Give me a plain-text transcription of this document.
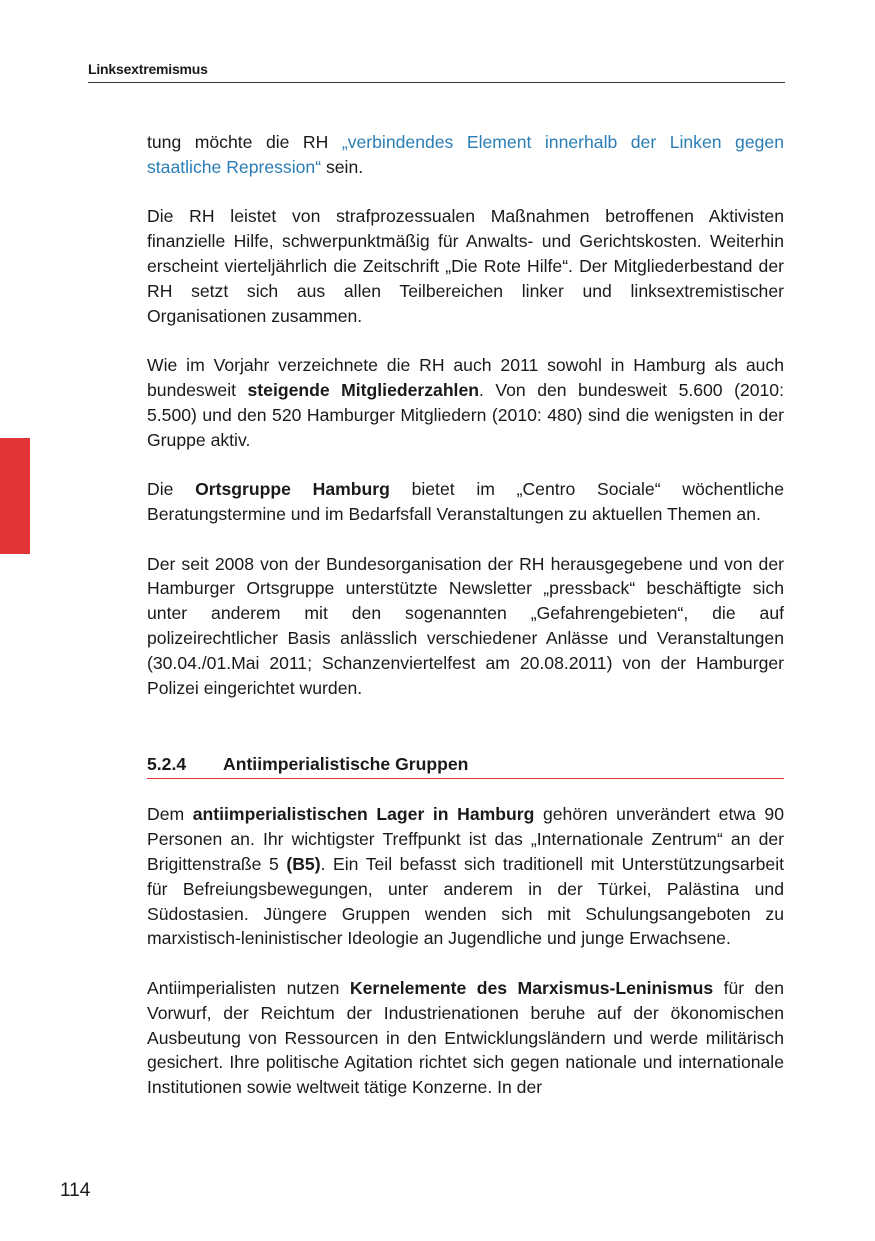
Linksextremismus

tung möchte die RH „verbindendes Element innerhalb der Linken gegen staatliche Repression“ sein.

Die RH leistet von strafprozessualen Maßnahmen betroffenen Aktivisten finanzielle Hilfe, schwerpunktmäßig für Anwalts- und Gerichtskosten. Weiterhin erscheint vierteljährlich die Zeitschrift „Die Rote Hilfe“. Der Mitgliederbestand der RH setzt sich aus allen Teilbereichen linker und linksextremistischer Organisationen zusammen.

Wie im Vorjahr verzeichnete die RH auch 2011 sowohl in Hamburg als auch bundesweit steigende Mitgliederzahlen. Von den bundesweit 5.600 (2010: 5.500) und den 520 Hamburger Mitgliedern (2010: 480) sind die wenigsten in der Gruppe aktiv.

Die Ortsgruppe Hamburg bietet im „Centro Sociale“ wöchentliche Beratungstermine und im Bedarfsfall Veranstaltungen zu aktuellen Themen an.

Der seit 2008 von der Bundesorganisation der RH herausgegebene und von der Hamburger Ortsgruppe unterstützte Newsletter „pressback“ beschäftigte sich unter anderem mit den sogenannten „Gefahrengebieten“, die auf polizeirechtlicher Basis anlässlich verschiedener Anlässe und Veranstaltungen (30.04./01.Mai 2011; Schanzenviertelfest am 20.08.2011) von der Hamburger Polizei eingerichtet wurden.

5.2.4 Antiimperialistische Gruppen

Dem antiimperialistischen Lager in Hamburg gehören unverändert etwa 90 Personen an. Ihr wichtigster Treffpunkt ist das „Internationale Zentrum“ an der Brigittenstraße 5 (B5). Ein Teil befasst sich traditionell mit Unterstützungsarbeit für Befreiungsbewegungen, unter anderem in der Türkei, Palästina und Südostasien. Jüngere Gruppen wenden sich mit Schulungsangeboten zu marxistisch-leninistischer Ideologie an Jugendliche und junge Erwachsene.

Antiimperialisten nutzen Kernelemente des Marxismus-Leninismus für den Vorwurf, der Reichtum der Industrienationen beruhe auf der ökonomischen Ausbeutung von Ressourcen in den Entwicklungsländern und werde militärisch gesichert. Ihre politische Agitation richtet sich gegen nationale und internationale Institutionen sowie weltweit tätige Konzerne. In der

114
